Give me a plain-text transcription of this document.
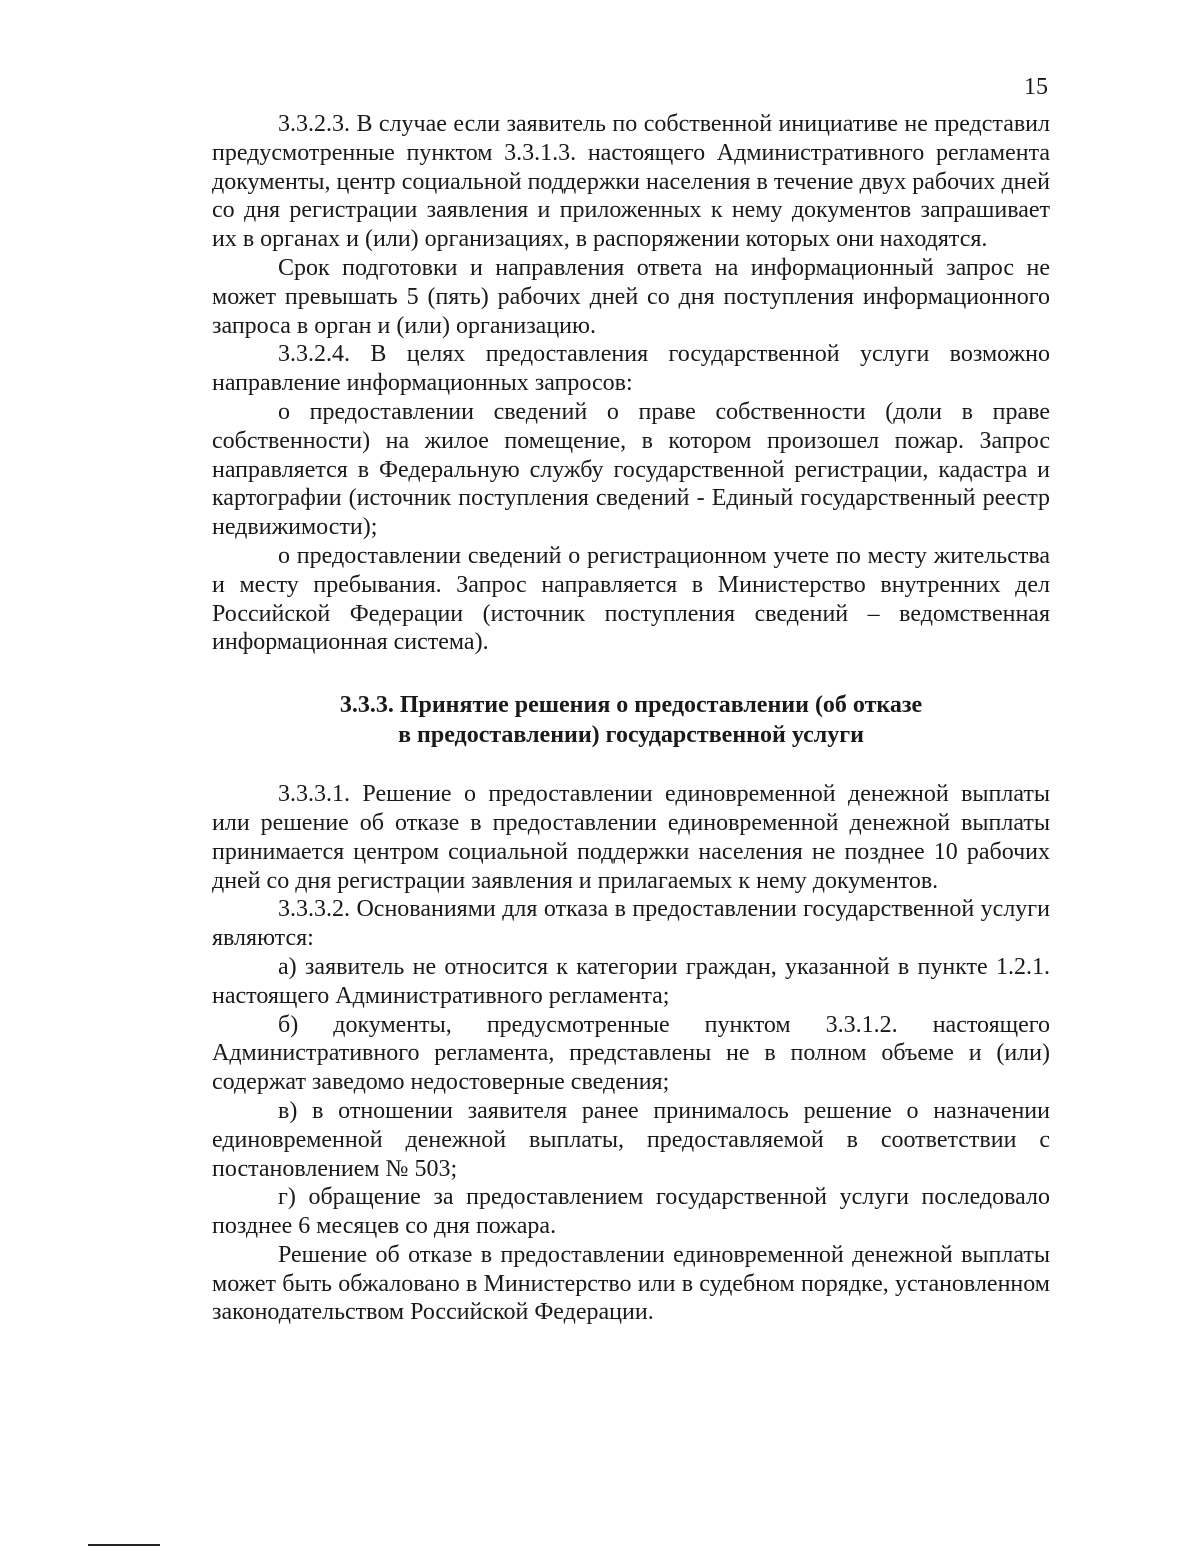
15

3.3.2.3. В случае если заявитель по собственной инициативе не представил предусмотренные пунктом 3.3.1.3. настоящего Административного регламента документы, центр социальной поддержки населения в течение двух рабочих дней со дня регистрации заявления и приложенных к нему документов запрашивает их в органах и (или) организациях, в распоряжении которых они находятся.

Срок подготовки и направления ответа на информационный запрос не может превышать 5 (пять) рабочих дней со дня поступления информационного запроса в орган и (или) организацию.

3.3.2.4. В целях предоставления государственной услуги возможно направление информационных запросов:

о предоставлении сведений о праве собственности (доли в праве собственности) на жилое помещение, в котором произошел пожар. Запрос направляется в Федеральную службу государственной регистрации, кадастра и картографии (источник поступления сведений - Единый государственный реестр недвижимости);

о предоставлении сведений о регистрационном учете по месту жительства и месту пребывания. Запрос направляется в Министерство внутренних дел Российской Федерации (источник поступления сведений – ведомственная информационная система).

3.3.3. Принятие решения о предоставлении (об отказе

в предоставлении) государственной услуги

3.3.3.1. Решение о предоставлении единовременной денежной выплаты или решение об отказе в предоставлении единовременной денежной выплаты принимается центром социальной поддержки населения не позднее 10 рабочих дней со дня регистрации заявления и прилагаемых к нему документов.

3.3.3.2. Основаниями для отказа в предоставлении государственной услуги являются:

а) заявитель не относится к категории граждан, указанной в пункте 1.2.1. настоящего Административного регламента;

б) документы, предусмотренные пунктом 3.3.1.2. настоящего Административного регламента, представлены не в полном объеме и (или) содержат заведомо недостоверные сведения;

в) в отношении заявителя ранее принималось решение о назначении единовременной денежной выплаты, предоставляемой в соответствии с постановлением № 503;

г) обращение за предоставлением государственной услуги последовало позднее 6 месяцев со дня пожара.

Решение об отказе в предоставлении единовременной денежной выплаты может быть обжаловано в Министерство или в судебном порядке, установленном законодательством Российской Федерации.
